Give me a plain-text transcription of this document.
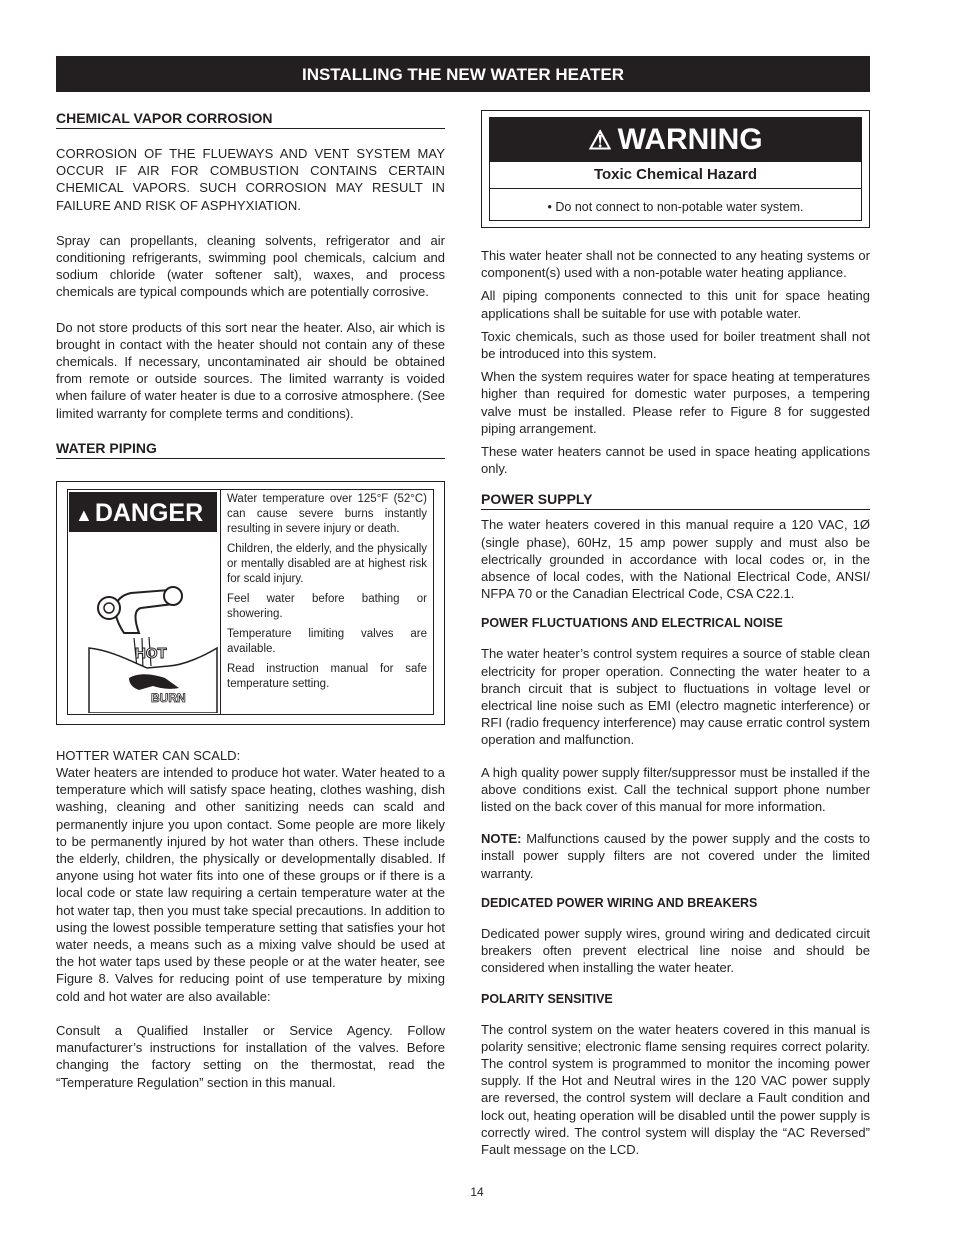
INSTALLING THE NEW WATER HEATER
CHEMICAL VAPOR CORROSION

CORROSION OF THE FLUEWAYS AND VENT SYSTEM MAY OCCUR IF AIR FOR COMBUSTION CONTAINS CERTAIN CHEMICAL VAPORS. SUCH CORROSION MAY RESULT IN FAILURE AND RISK OF ASPHYXIATION.

Spray can propellants, cleaning solvents, refrigerator and air conditioning refrigerants, swimming pool chemicals, calcium and sodium chloride (water softener salt), waxes, and process chemicals are typical compounds which are potentially corrosive.

Do not store products of this sort near the heater. Also, air which is brought in contact with the heater should not contain any of these chemicals. If necessary, uncontaminated air should be obtained from remote or outside sources. The limited warranty is voided when failure of water heater is due to a corrosive atmosphere. (See limited warranty for complete terms and conditions).

WATER PIPING
▲DANGER
HOT
BURN

Water temperature over 125°F (52°C) can cause severe burns instantly resulting in severe injury or death.

Children, the elderly, and the physically or mentally disabled are at highest risk for scald injury.

Feel water before bathing or showering.

Temperature limiting valves are available.

Read instruction manual for safe temperature setting.

HOTTER WATER CAN SCALD:

Water heaters are intended to produce hot water. Water heated to a temperature which will satisfy space heating, clothes washing, dish washing, cleaning and other sanitizing needs can scald and permanently injure you upon contact. Some people are more likely to be permanently injured by hot water than others. These include the elderly, children, the physically or developmentally disabled. If anyone using hot water fits into one of these groups or if there is a local code or state law requiring a certain temperature water at the hot water tap, then you must take special precautions. In addition to using the lowest possible temperature setting that satisfies your hot water needs, a means such as a mixing valve should be used at the hot water taps used by these people or at the water heater, see Figure 8. Valves for reducing point of use temperature by mixing cold and hot water are also available:

Consult a Qualified Installer or Service Agency. Follow manufacturer’s instructions for installation of the valves. Before changing the factory setting on the thermostat, read the “Temperature Regulation” section in this manual.

⚠ WARNING
Toxic Chemical Hazard
• Do not connect to non-potable water system.

This water heater shall not be connected to any heating systems or component(s) used with a non-potable water heating appliance.

All piping components connected to this unit for space heating applications shall be suitable for use with potable water.

Toxic chemicals, such as those used for boiler treatment shall not be introduced into this system.

When the system requires water for space heating at temperatures higher than required for domestic water purposes, a tempering valve must be installed. Please refer to Figure 8 for suggested piping arrangement.

These water heaters cannot be used in space heating applications only.

POWER SUPPLY

The water heaters covered in this manual require a 120 VAC, 1Ø (single phase), 60Hz, 15 amp power supply and must also be electrically grounded in accordance with local codes or, in the absence of local codes, with the National Electrical Code, ANSI/ NFPA 70 or the Canadian Electrical Code, CSA C22.1.

POWER FLUCTUATIONS AND ELECTRICAL NOISE

The water heater’s control system requires a source of stable clean electricity for proper operation. Connecting the water heater to a branch circuit that is subject to fluctuations in voltage level or electrical line noise such as EMI (electro magnetic interference) or RFI (radio frequency interference) may cause erratic control system operation and malfunction.

A high quality power supply filter/suppressor must be installed if the above conditions exist. Call the technical support phone number listed on the back cover of this manual for more information.

NOTE: Malfunctions caused by the power supply and the costs to install power supply filters are not covered under the limited warranty.

DEDICATED POWER WIRING AND BREAKERS

Dedicated power supply wires, ground wiring and dedicated circuit breakers often prevent electrical line noise and should be considered when installing the water heater.

POLARITY SENSITIVE

The control system on the water heaters covered in this manual is polarity sensitive; electronic flame sensing requires correct polarity. The control system is programmed to monitor the incoming power supply. If the Hot and Neutral wires in the 120 VAC power supply are reversed, the control system will declare a Fault condition and lock out, heating operation will be disabled until the power supply is correctly wired. The control system will display the “AC Reversed” Fault message on the LCD.

14
